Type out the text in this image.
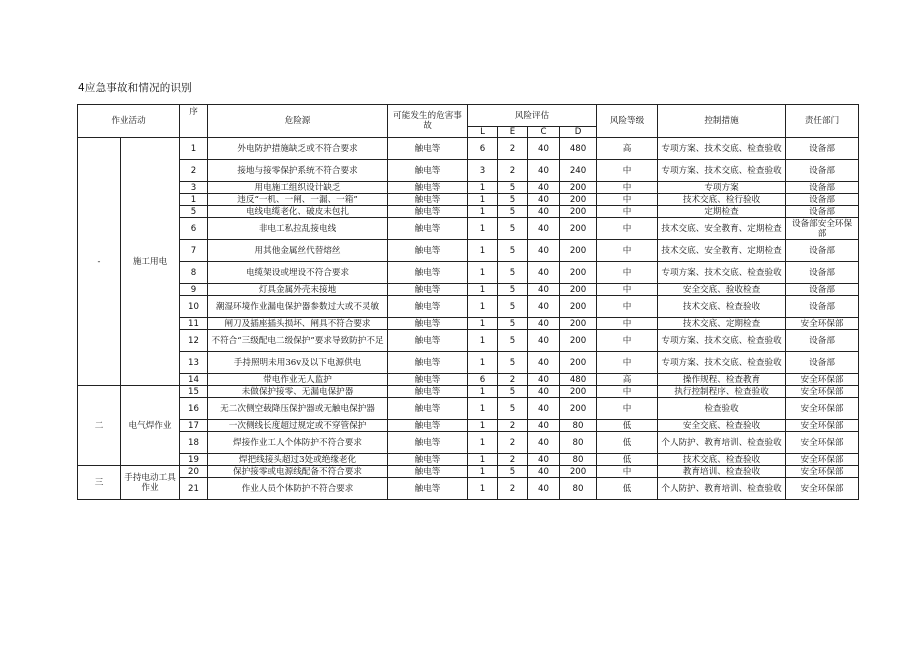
4应急事故和情况的识别
作业活动		序	危险源	可能发生的危害事故	风险评估				风险等级	控制措施	责任部门
					L	E	C	D			
-	施工用电	1	外电防护措施缺乏或不符合要求	触电等	6	2	40	480	高	专项方案、技术交底、检查验收	设备部
		2	接地与接零保护系统不符合要求	触电等	3	2	40	240	中	专项方案、技术交底、检查验收	设备部
		3	用电施工组织设计缺乏	触电等	1	5	40	200	中	专项方案	设备部
		1	违反“一机、一闸、一漏、一箱”	触电等	1	5	40	200	中	技术交底、检行验收	设备部
		5	电线电缆老化、破皮未包扎	触电等	1	5	40	200	中	定期检查	设备部
		6	非电工私拉乱接电线	触电等	1	5	40	200	中	技术交底、安全教育、定期检查	设备部安全环保部
		7	用其他金属丝代替熔丝	触电等	1	5	40	200	中	技术交底、安全教育、定期检查	设备部
		8	电缆架设或埋设不符合要求	触电等	1	5	40	200	中	专项方案、技术交底、检查验收	设备部
		9	灯具金属外壳未接地	触电等	1	5	40	200	中	安全交底、验收检查	设备部
		10	潮湿环境作业漏电保护器参数过大或不灵敏	触电等	1	5	40	200	中	技术交底、检查验收	设备部
		11	闸刀及插座插头损坏、闸具不符合要求	触电等	1	5	40	200	中	技术交底、定期检查	安全环保部
		12	不符合“三级配电二级保护”要求导致防护不足	触电等	1	5	40	200	中	专项方案、技术交底、检查验收	设备部
		13	手持照明未用36v及以下电源供电	触电等	1	5	40	200	中	专项方案、技术交底、检查验收	设备部
		14	带电作业无人监护	触电等	6	2	40	480	高	操作规程、检查教育	安全环保部
二	电气焊作业	15	未做保护接零、无漏电保护器	触电等	1	5	40	200	中	执行控制程序、检查验收	安全环保部
		16	无二次侧空载降压保护器或无触电保护器	触电等	1	5	40	200	中	检查验收	安全环保部
		17	一次侧线长度超过规定或不穿管保护	触电等	1	2	40	80	低	安全交底、检查验收	安全环保部
		18	焊接作业工人个体防护不符合要求	触电等	1	2	40	80	低	个人防护、教育培训、检查验收	安全环保部
		19	焊把线接头超过3处或绝缘老化	触电等	1	2	40	80	低	技术交底、检查验收	安全环保部
三	手持电动工具作业	20	保护接零或电源线配备不符合要求	触电等	1	5	40	200	中	教育培训、检查验收	安全环保部
		21	作业人员个体防护不符合要求	触电等	1	2	40	80	低	个人防护、教育培训、检查验收	安全环保部
